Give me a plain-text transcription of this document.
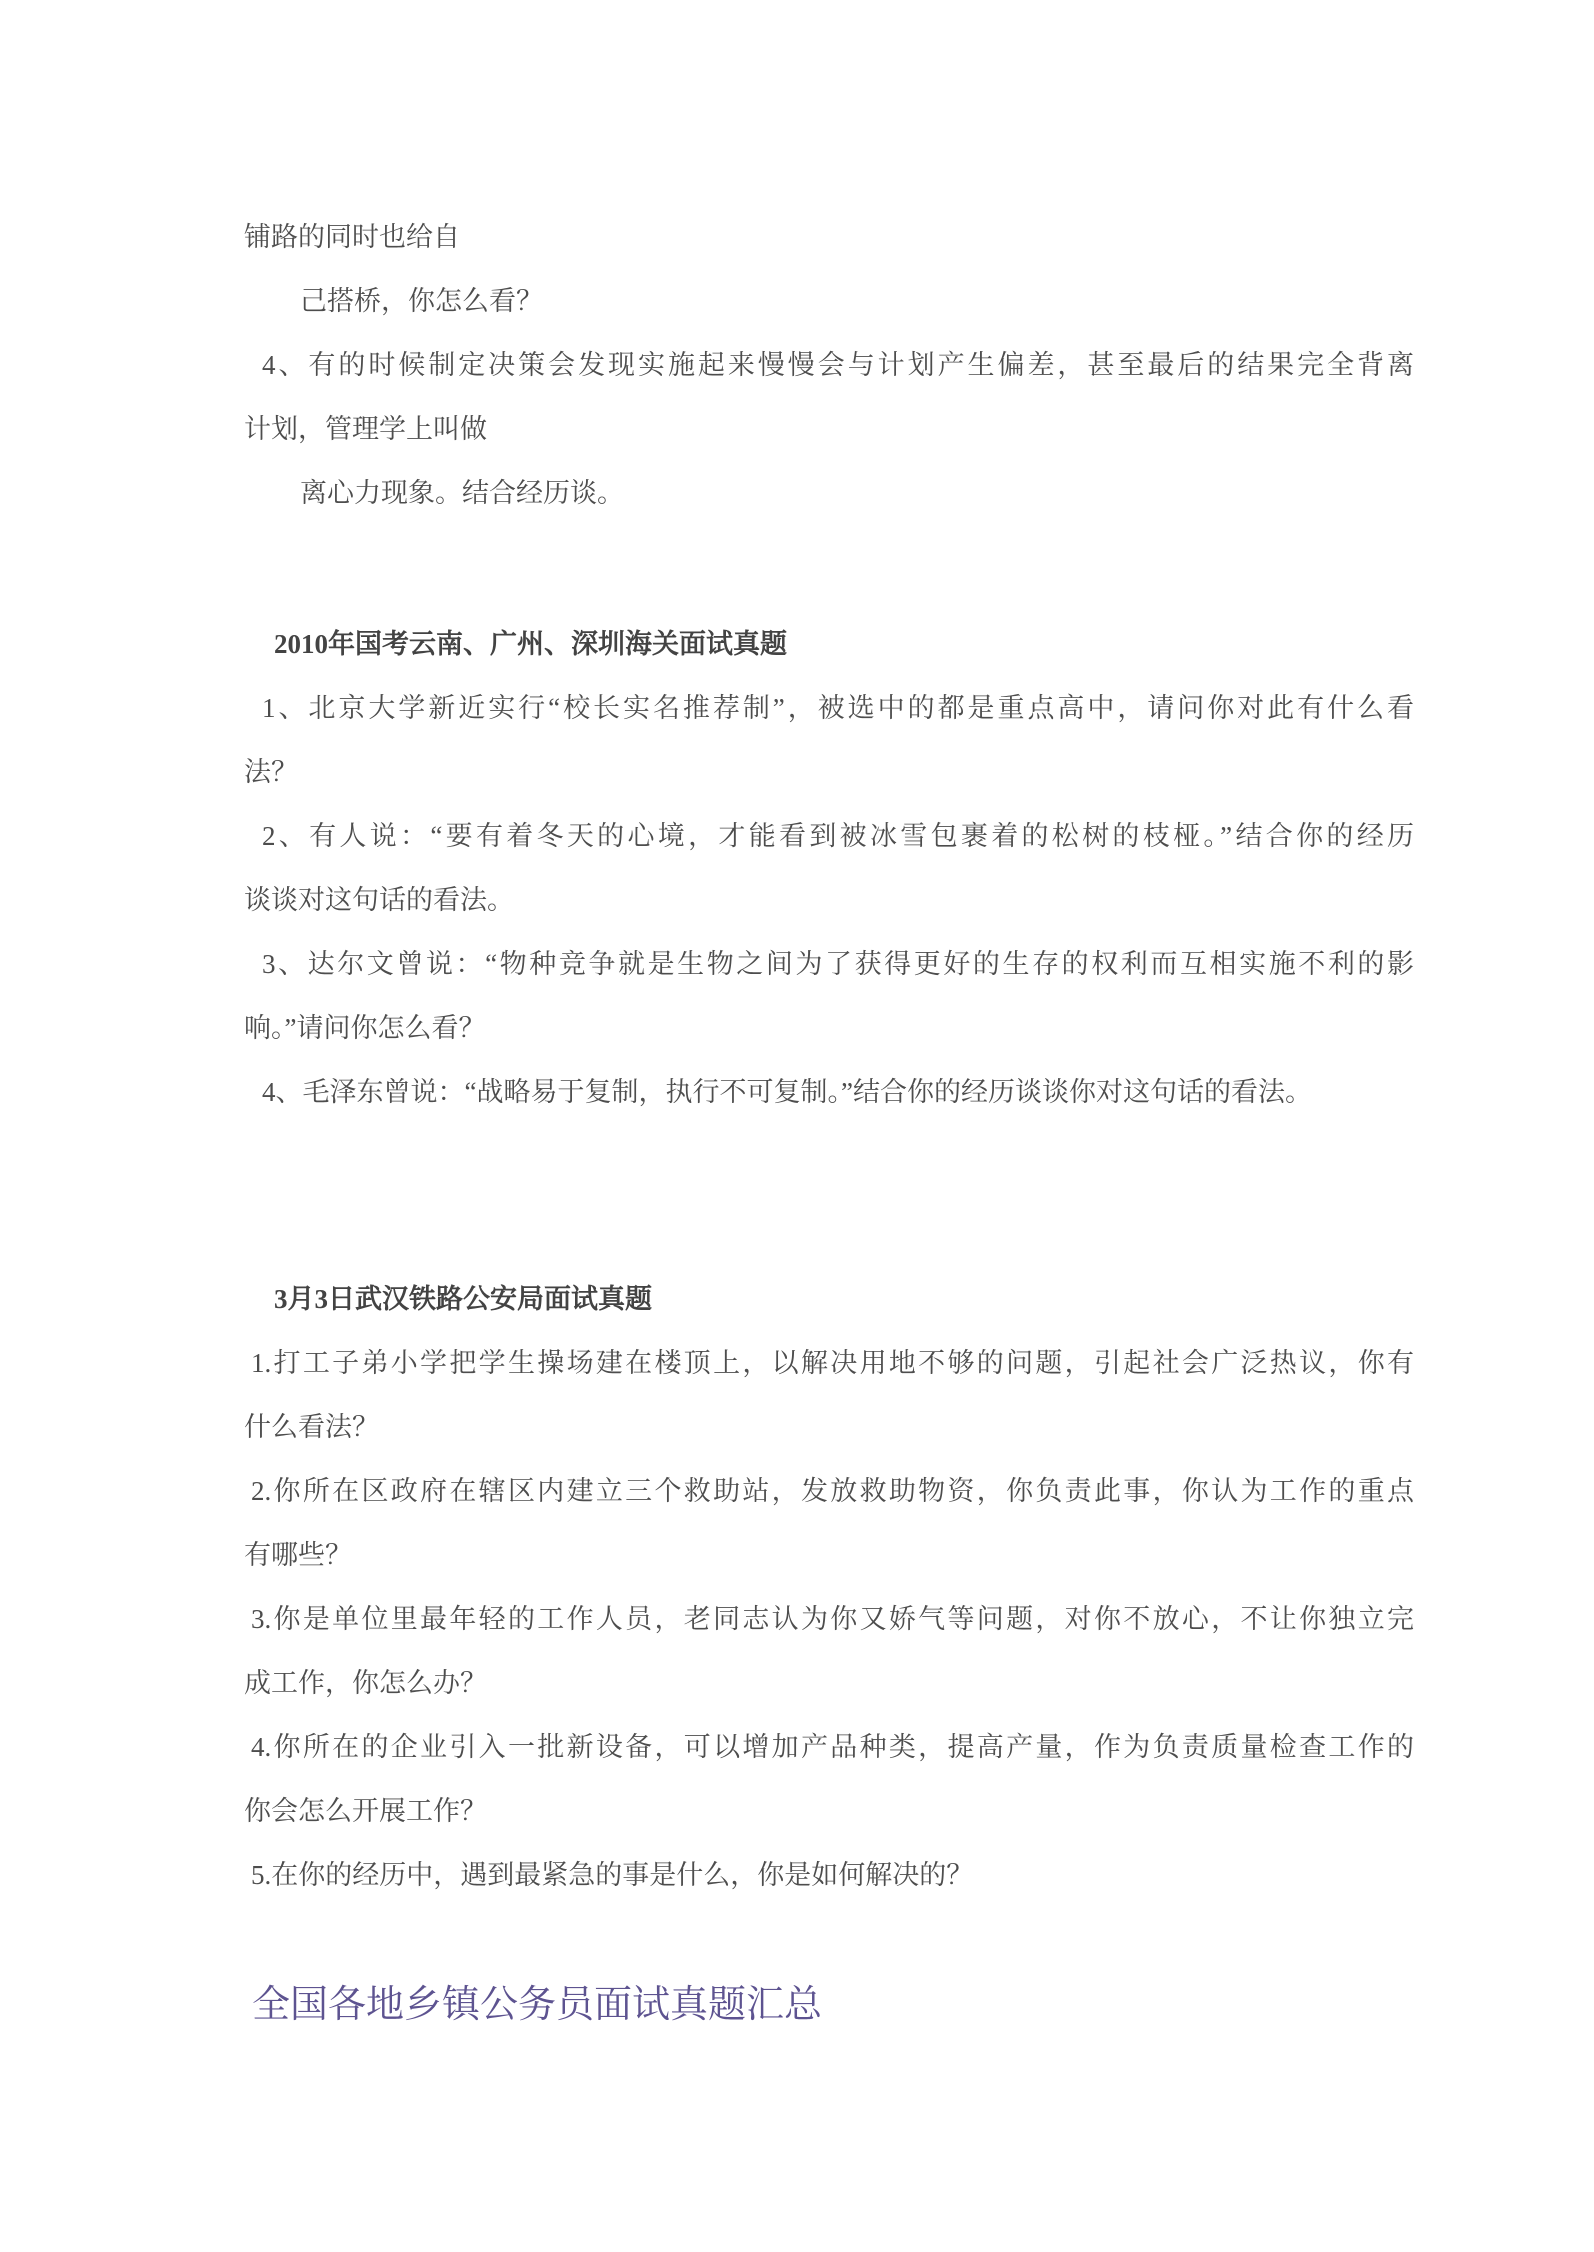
铺路的同时也给自

己搭桥，你怎么看？

4、有的时候制定决策会发现实施起来慢慢会与计划产生偏差，甚至最后的结果完全背离

计划，管理学上叫做

离心力现象。结合经历谈。

2010年国考云南、广州、深圳海关面试真题

1、北京大学新近实行“校长实名推荐制”，被选中的都是重点高中，请问你对此有什么看

法？

2、有人说：“要有着冬天的心境，才能看到被冰雪包裹着的松树的枝桠。”结合你的经历

谈谈对这句话的看法。

3、达尔文曾说：“物种竞争就是生物之间为了获得更好的生存的权利而互相实施不利的影

响。”请问你怎么看？

4、毛泽东曾说：“战略易于复制，执行不可复制。”结合你的经历谈谈你对这句话的看法。

3月3日武汉铁路公安局面试真题

1.打工子弟小学把学生操场建在楼顶上，以解决用地不够的问题，引起社会广泛热议，你有

什么看法？

2.你所在区政府在辖区内建立三个救助站，发放救助物资，你负责此事，你认为工作的重点

有哪些？

3.你是单位里最年轻的工作人员，老同志认为你又娇气等问题，对你不放心，不让你独立完

成工作，你怎么办？

4.你所在的企业引入一批新设备，可以增加产品种类，提高产量，作为负责质量检查工作的

你会怎么开展工作？

5.在你的经历中，遇到最紧急的事是什么，你是如何解决的？

全国各地乡镇公务员面试真题汇总
